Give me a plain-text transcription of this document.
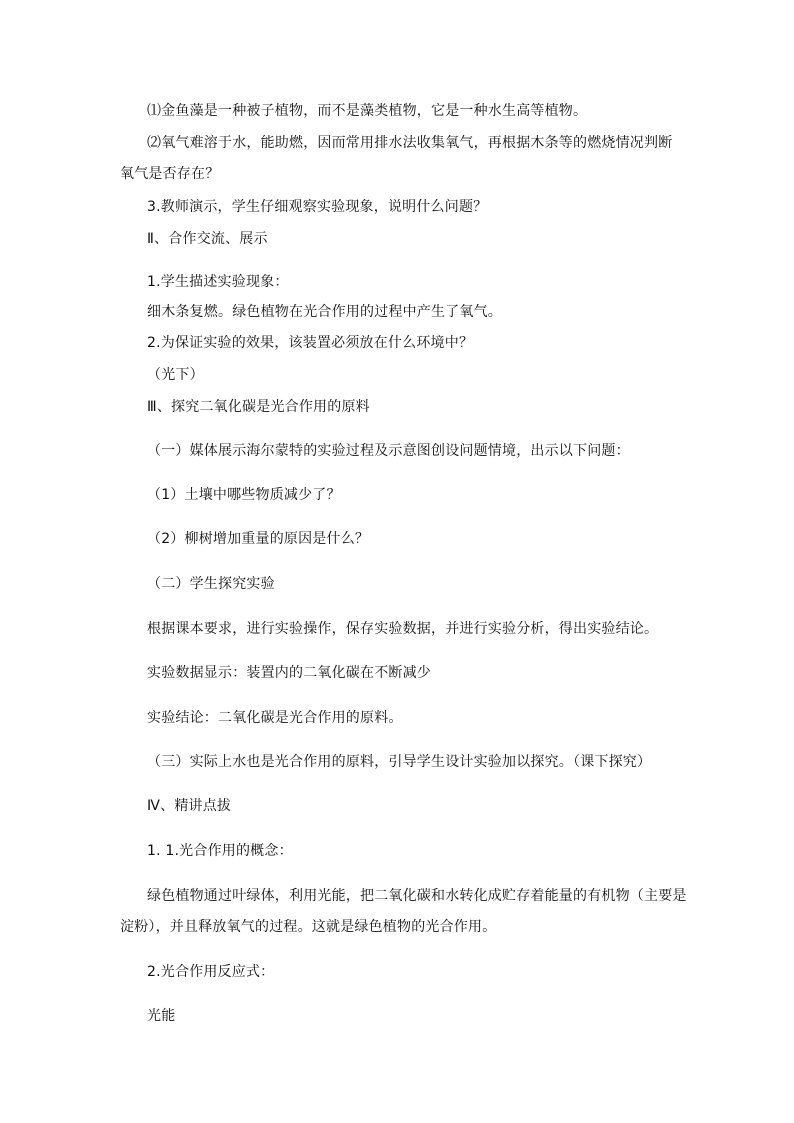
⑴金鱼藻是一种被子植物，而不是藻类植物，它是一种水生高等植物。
⑵氧气难溶于水，能助燃，因而常用排水法收集氧气，再根据木条等的燃烧情况判断
氧气是否存在？
3.教师演示，学生仔细观察实验现象，说明什么问题？
Ⅱ、合作交流、展示
1.学生描述实验现象：
细木条复燃。绿色植物在光合作用的过程中产生了氧气。
2.为保证实验的效果，该装置必须放在什么环境中？
（光下）
Ⅲ、探究二氧化碳是光合作用的原料
（一）媒体展示海尔蒙特的实验过程及示意图创设问题情境，出示以下问题：
（1）土壤中哪些物质减少了？
（2）柳树增加重量的原因是什么？
（二）学生探究实验
根据课本要求，进行实验操作，保存实验数据，并进行实验分析，得出实验结论。
实验数据显示：装置内的二氧化碳在不断减少
实验结论：二氧化碳是光合作用的原料。
（三）实际上水也是光合作用的原料，引导学生设计实验加以探究。（课下探究）
Ⅳ、精讲点拔
1. 1.光合作用的概念：
绿色植物通过叶绿体，利用光能，把二氧化碳和水转化成贮存着能量的有机物（主要是
淀粉），并且释放氧气的过程。这就是绿色植物的光合作用。
2.光合作用反应式：
光能
